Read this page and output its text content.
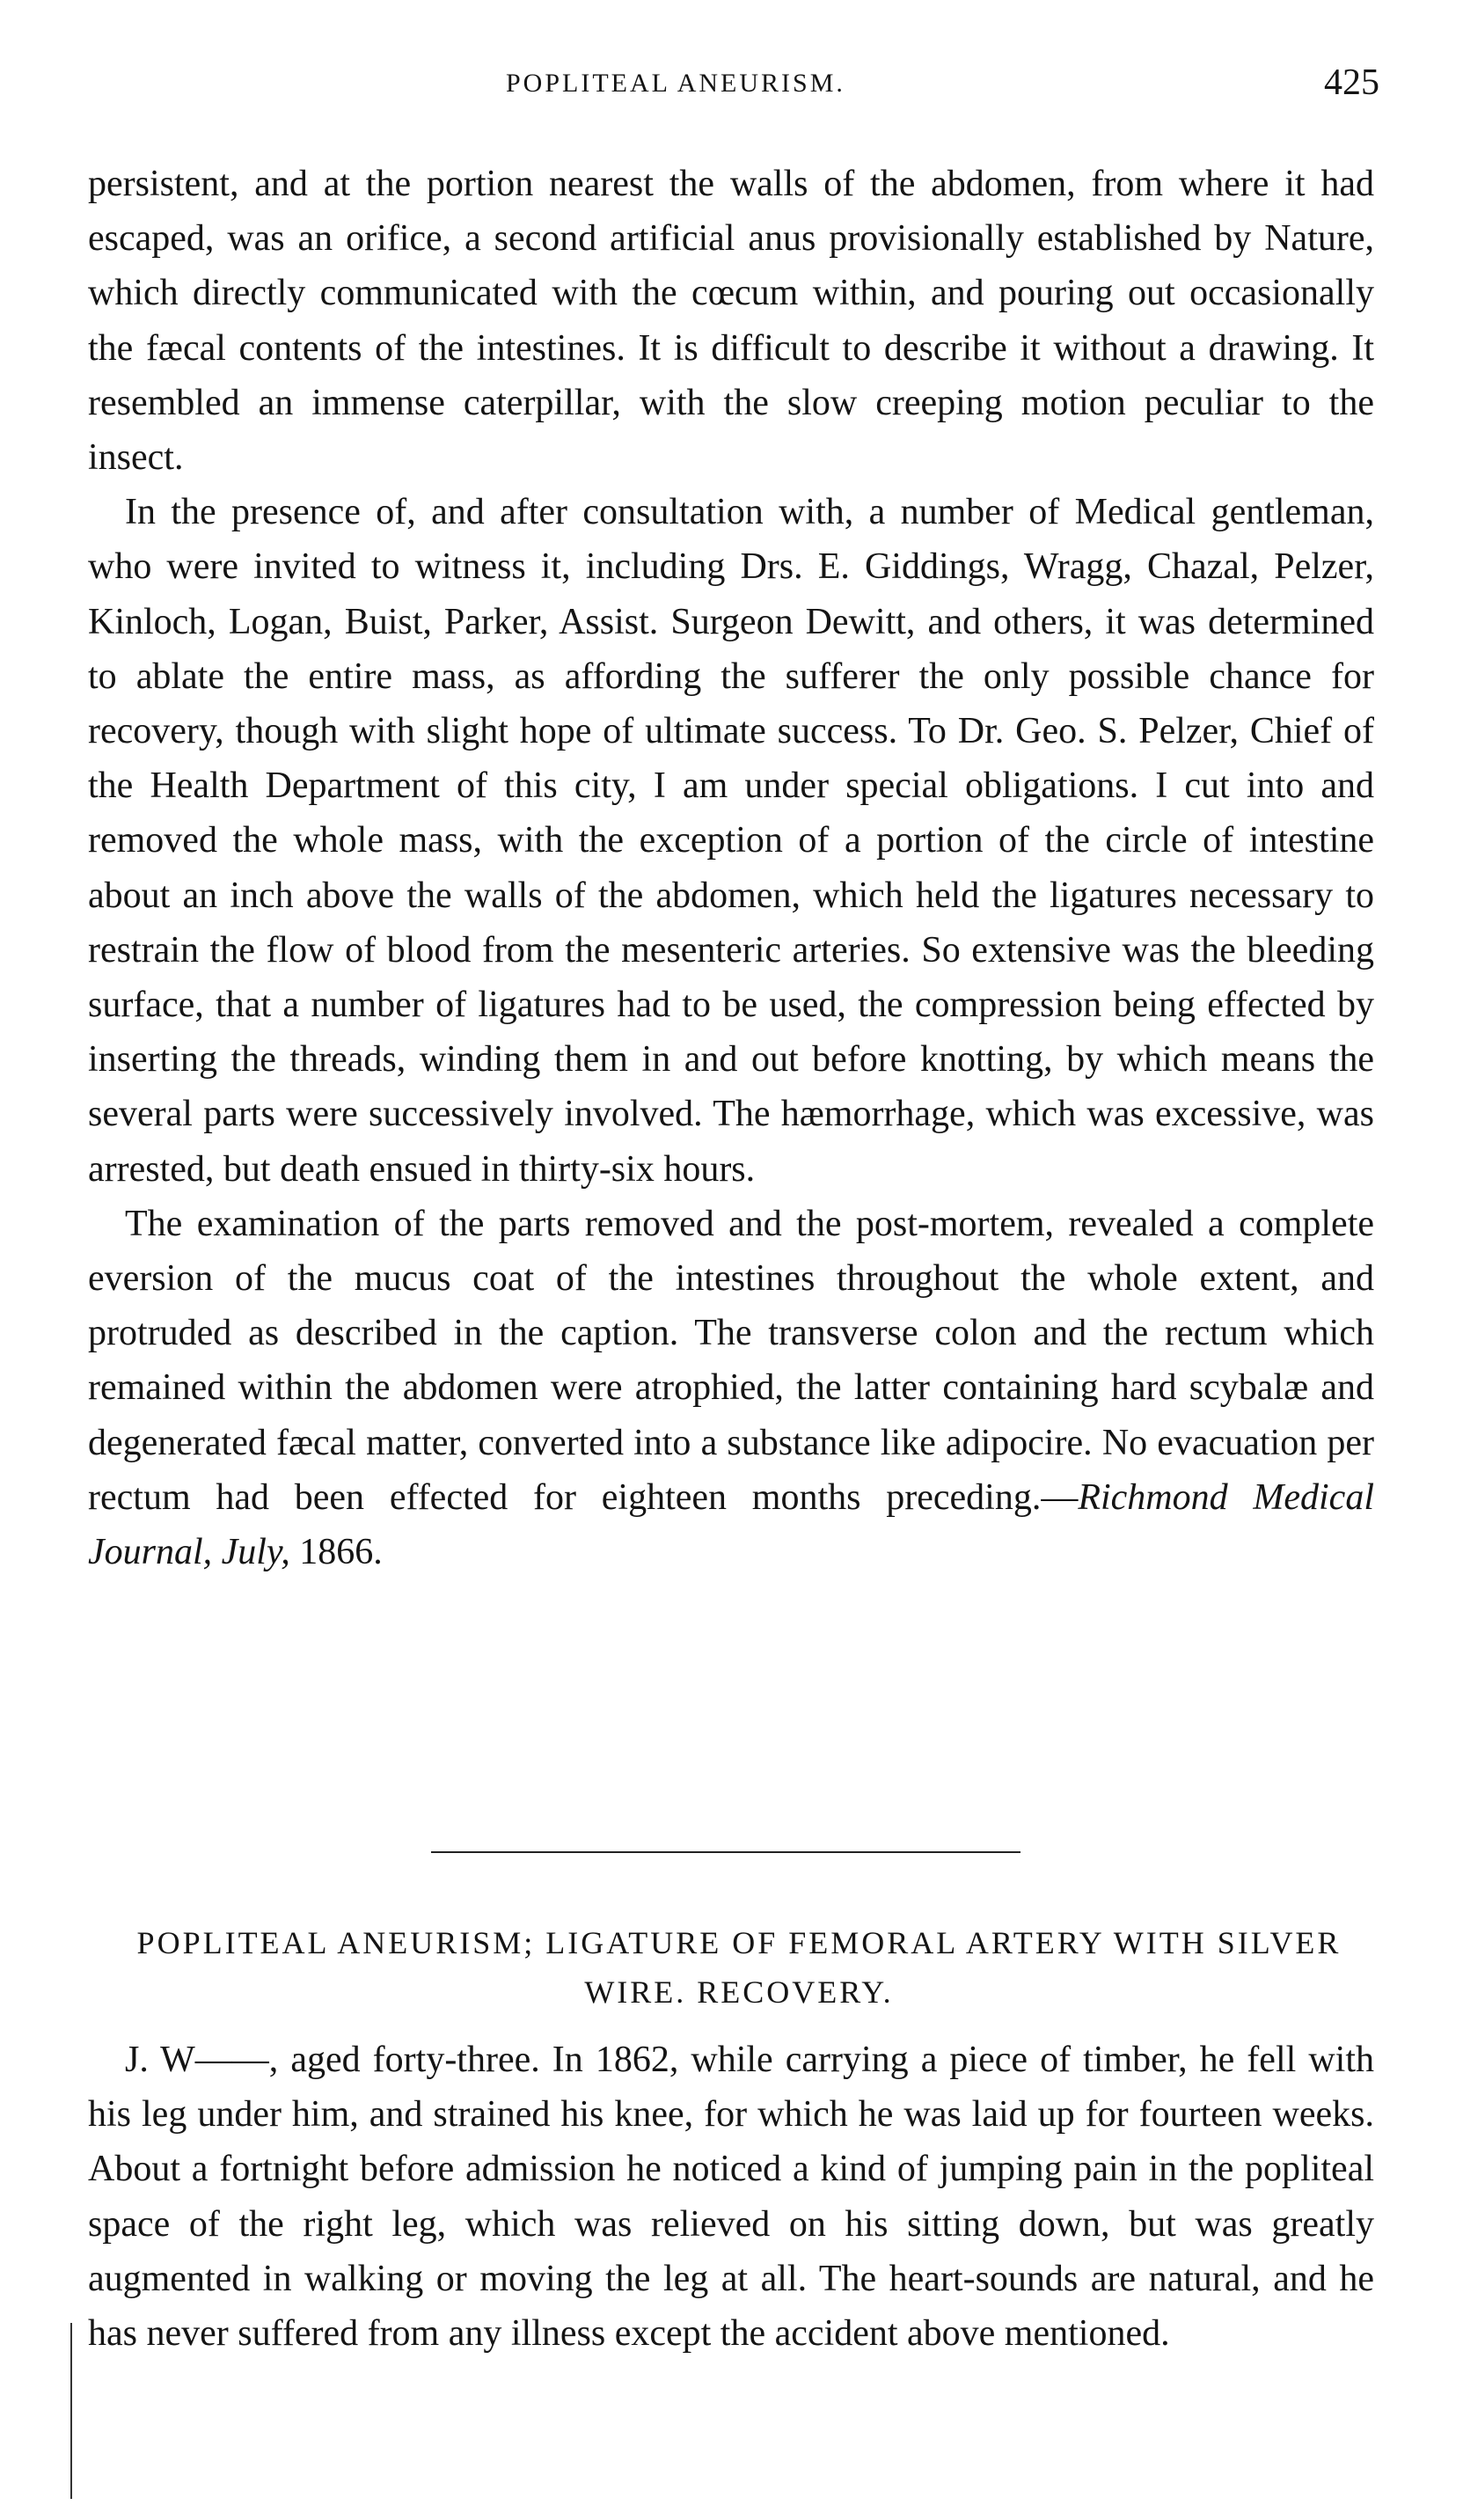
POPLITEAL ANEURISM.	425

persistent, and at the portion nearest the walls of the abdomen, from where it had escaped, was an orifice, a second artificial anus provisionally established by Nature, which directly communicated with the cœcum within, and pouring out occasionally the fæcal contents of the intestines. It is difficult to describe it without a drawing. It resembled an immense caterpillar, with the slow creeping motion peculiar to the insect.

In the presence of, and after consultation with, a number of Medical gentleman, who were invited to witness it, including Drs. E. Giddings, Wragg, Chazal, Pelzer, Kinloch, Logan, Buist, Parker, Assist. Surgeon Dewitt, and others, it was determined to ablate the entire mass, as affording the sufferer the only possible chance for recovery, though with slight hope of ultimate success. To Dr. Geo. S. Pelzer, Chief of the Health Department of this city, I am under special obligations. I cut into and removed the whole mass, with the exception of a portion of the circle of intestine about an inch above the walls of the abdomen, which held the ligatures necessary to restrain the flow of blood from the mesenteric arteries. So extensive was the bleeding surface, that a number of ligatures had to be used, the compression being effected by inserting the threads, winding them in and out before knotting, by which means the several parts were successively involved. The hæmorrhage, which was excessive, was arrested, but death ensued in thirty-six hours.

The examination of the parts removed and the post-mortem, revealed a complete eversion of the mucus coat of the intestines throughout the whole extent, and protruded as described in the caption. The transverse colon and the rectum which remained within the abdomen were atrophied, the latter containing hard scybalæ and degenerated fæcal matter, converted into a substance like adipocire. No evacuation per rectum had been effected for eighteen months preceding.—Richmond Medical Journal, July, 1866.

POPLITEAL ANEURISM; LIGATURE OF FEMORAL ARTERY WITH SILVER WIRE. RECOVERY.

J. W——, aged forty-three. In 1862, while carrying a piece of timber, he fell with his leg under him, and strained his knee, for which he was laid up for fourteen weeks. About a fortnight before admission he noticed a kind of jumping pain in the popliteal space of the right leg, which was relieved on his sitting down, but was greatly augmented in walking or moving the leg at all. The heart-sounds are natural, and he has never suffered from any illness except the accident above mentioned.
